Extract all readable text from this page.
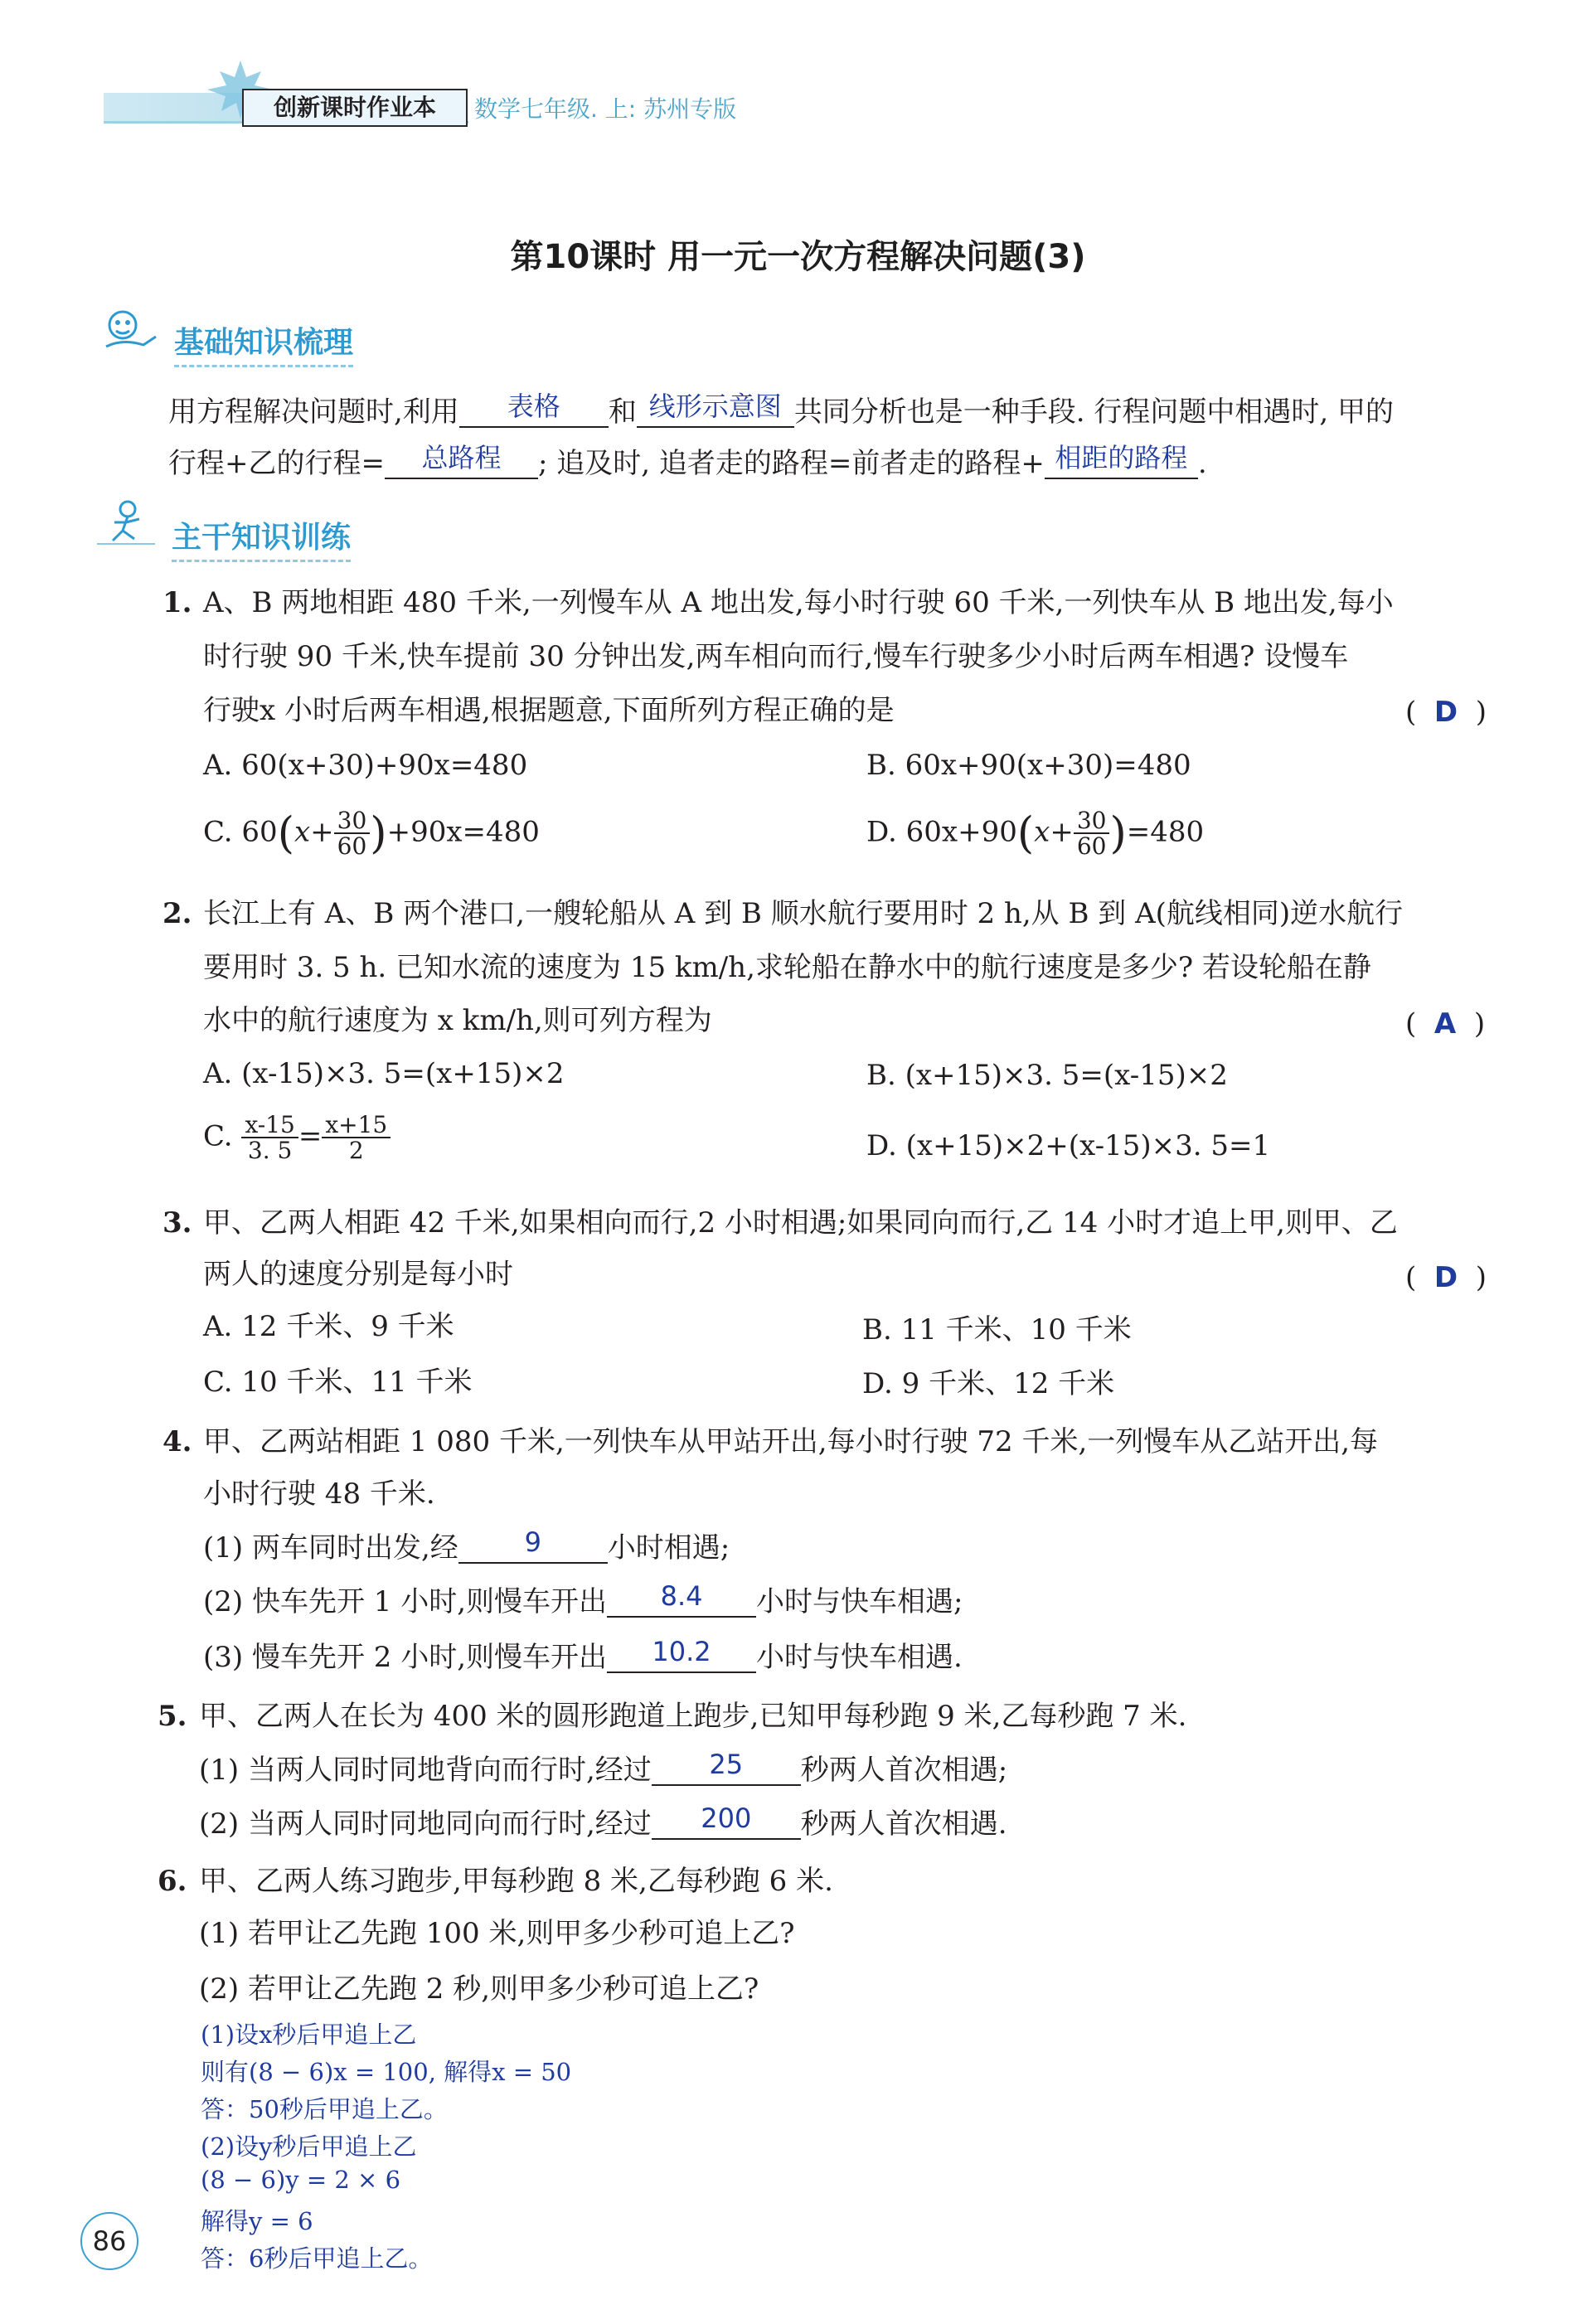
创新课时作业本	数学七年级. 上: 苏州专版
第10课时 用一元一次方程解决问题(3)
基础知识梳理
用方程解决问题时,利用	表格	和 线形示意图 共同分析也是一种手段. 行程问题中相遇时, 甲的
行程+乙的行程=	总路程	; 追及时, 追者走的路程=前者走的路程+ 相距的路程 .
主干知识训练
1. A、B 两地相距 480 千米,一列慢车从 A 地出发,每小时行驶 60 千米,一列快车从 B 地出发,每小
时行驶 90 千米,快车提前 30 分钟出发,两车相向而行,慢车行驶多少小时后两车相遇? 设慢车
行驶x 小时后两车相遇,根据题意,下面所列方程正确的是	(  D  )
A. 60(x+30)+90x=480	B. 60x+90(x+30)=480
C. $60(x+ \frac{30}{60} )+90x=480$	D. $60x+90(x+ \frac{30}{60} )=480$
2. 长江上有 A、B 两个港口,一艘轮船从 A 到 B 顺水航行要用时 2 h,从 B 到 A(航线相同)逆水航行
要用时 3. 5 h. 已知水流的速度为 15 km/h,求轮船在静水中的航行速度是多少? 若设轮船在静
水中的航行速度为 x km/h,则可列方程为	(  A  )
A. (x-15)×3. 5=(x+15)×2	B. (x+15)×3. 5=(x-15)×2
C. $\frac{x-15}{3. 5} = \frac{x+15}{2}$	D. (x+15)×2+(x-15)×3. 5=1
3. 甲、乙两人相距 42 千米,如果相向而行,2 小时相遇;如果同向而行,乙 14 小时才追上甲,则甲、乙
两人的速度分别是每小时	(  D  )
A. 12 千米、9 千米	B. 11 千米、10 千米
C. 10 千米、11 千米	D. 9 千米、12 千米
4. 甲、乙两站相距 1 080 千米,一列快车从甲站开出,每小时行驶 72 千米,一列慢车从乙站开出,每
小时行驶 48 千米.
(1) 两车同时出发,经	9	小时相遇;
(2) 快车先开 1 小时,则慢车开出	8.4	小时与快车相遇;
(3) 慢车先开 2 小时,则慢车开出	10.2	小时与快车相遇.
5. 甲、乙两人在长为 400 米的圆形跑道上跑步,已知甲每秒跑 9 米,乙每秒跑 7 米.
(1) 当两人同时同地背向而行时,经过	25	秒两人首次相遇;
(2) 当两人同时同地同向而行时,经过	200	秒两人首次相遇.
6. 甲、乙两人练习跑步,甲每秒跑 8 米,乙每秒跑 6 米.
(1) 若甲让乙先跑 100 米,则甲多少秒可追上乙?
(2) 若甲让乙先跑 2 秒,则甲多少秒可追上乙?
(1)设x秒后甲追上乙
则有(8 − 6)x = 100, 解得x = 50
答：50秒后甲追上乙。
(2)设y秒后甲追上乙
(8 − 6)y = 2 × 6
解得y = 6
答：6秒后甲追上乙。
86
